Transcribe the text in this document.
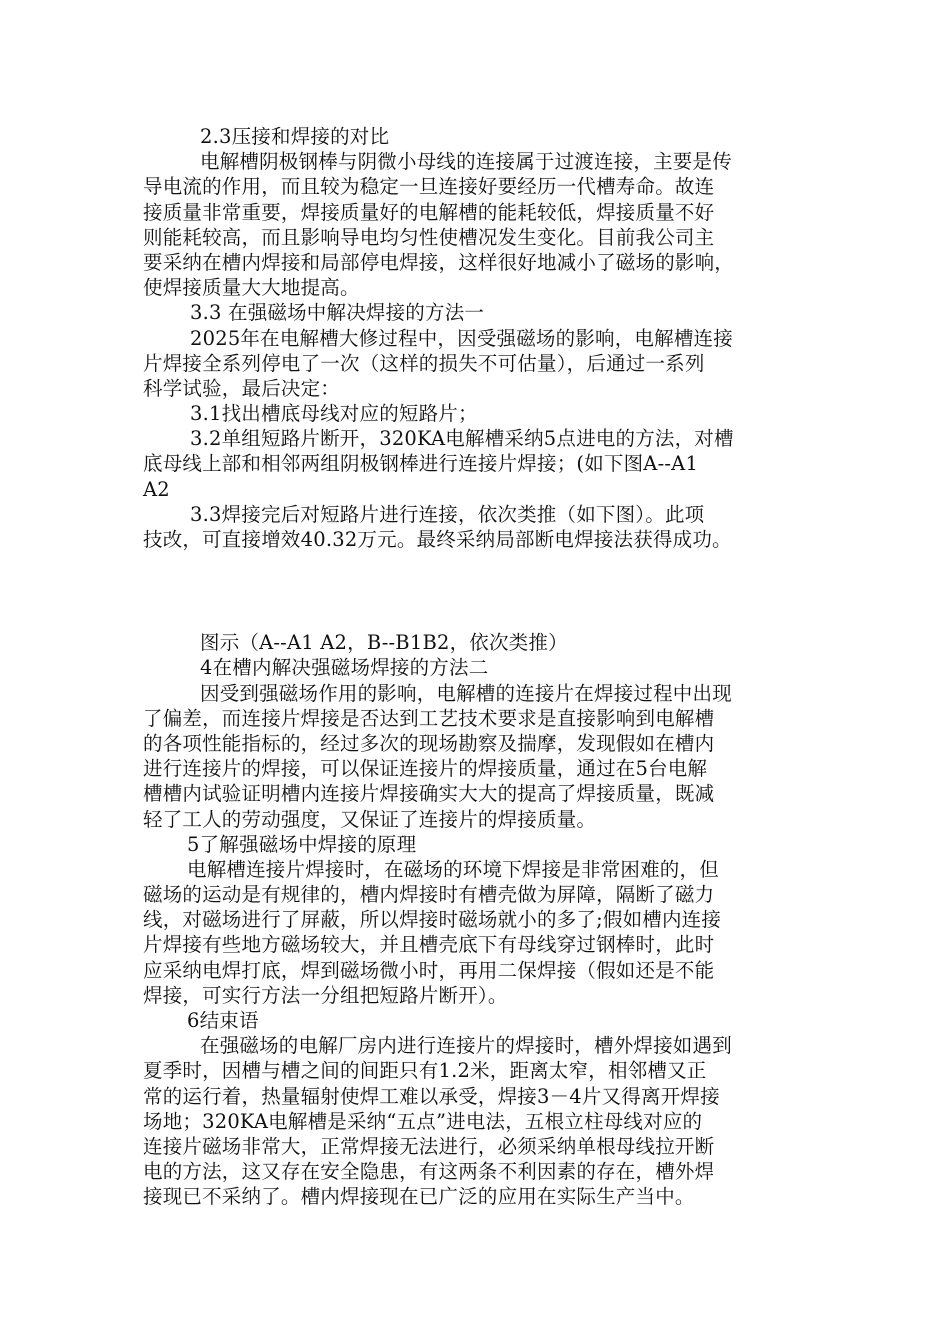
2.3压接和焊接的对比
电解槽阴极钢棒与阴微小母线的连接属于过渡连接，主要是传
导电流的作用，而且较为稳定一旦连接好要经历一代槽寿命。故连
接质量非常重要，焊接质量好的电解槽的能耗较低，焊接质量不好
则能耗较高，而且影响导电均匀性使槽况发生变化。目前我公司主
要采纳在槽内焊接和局部停电焊接，这样很好地减小了磁场的影响，
使焊接质量大大地提高。
3.3 在强磁场中解决焊接的方法一
2025年在电解槽大修过程中，因受强磁场的影响，电解槽连接
片焊接全系列停电了一次（这样的损失不可估量），后通过一系列
科学试验，最后决定：
3.1找出槽底母线对应的短路片；
3.2单组短路片断开，320KA电解槽采纳5点进电的方法，对槽
底母线上部和相邻两组阴极钢棒进行连接片焊接；(如下图A--A1
A2
3.3焊接完后对短路片进行连接，依次类推（如下图）。此项
技改，可直接增效40.32万元。最终采纳局部断电焊接法获得成功。
图示（A--A1 A2，B--B1B2，依次类推）
4在槽内解决强磁场焊接的方法二
因受到强磁场作用的影响，电解槽的连接片在焊接过程中出现
了偏差，而连接片焊接是否达到工艺技术要求是直接影响到电解槽
的各项性能指标的，经过多次的现场勘察及揣摩，发现假如在槽内
进行连接片的焊接，可以保证连接片的焊接质量，通过在5台电解
槽槽内试验证明槽内连接片焊接确实大大的提高了焊接质量，既减
轻了工人的劳动强度，又保证了连接片的焊接质量。
5了解强磁场中焊接的原理
电解槽连接片焊接时，在磁场的环境下焊接是非常困难的，但
磁场的运动是有规律的，槽内焊接时有槽壳做为屏障，隔断了磁力
线，对磁场进行了屏蔽，所以焊接时磁场就小的多了;假如槽内连接
片焊接有些地方磁场较大，并且槽壳底下有母线穿过钢棒时，此时
应采纳电焊打底，焊到磁场微小时，再用二保焊接（假如还是不能
焊接，可实行方法一分组把短路片断开）。
6结束语
在强磁场的电解厂房内进行连接片的焊接时，槽外焊接如遇到
夏季时，因槽与槽之间的间距只有1.2米，距离太窄，相邻槽又正
常的运行着，热量辐射使焊工难以承受，焊接3－4片又得离开焊接
场地；320KA电解槽是采纳“五点”进电法，五根立柱母线对应的
连接片磁场非常大，正常焊接无法进行，必须采纳单根母线拉开断
电的方法，这又存在安全隐患，有这两条不利因素的存在，槽外焊
接现已不采纳了。槽内焊接现在已广泛的应用在实际生产当中。
